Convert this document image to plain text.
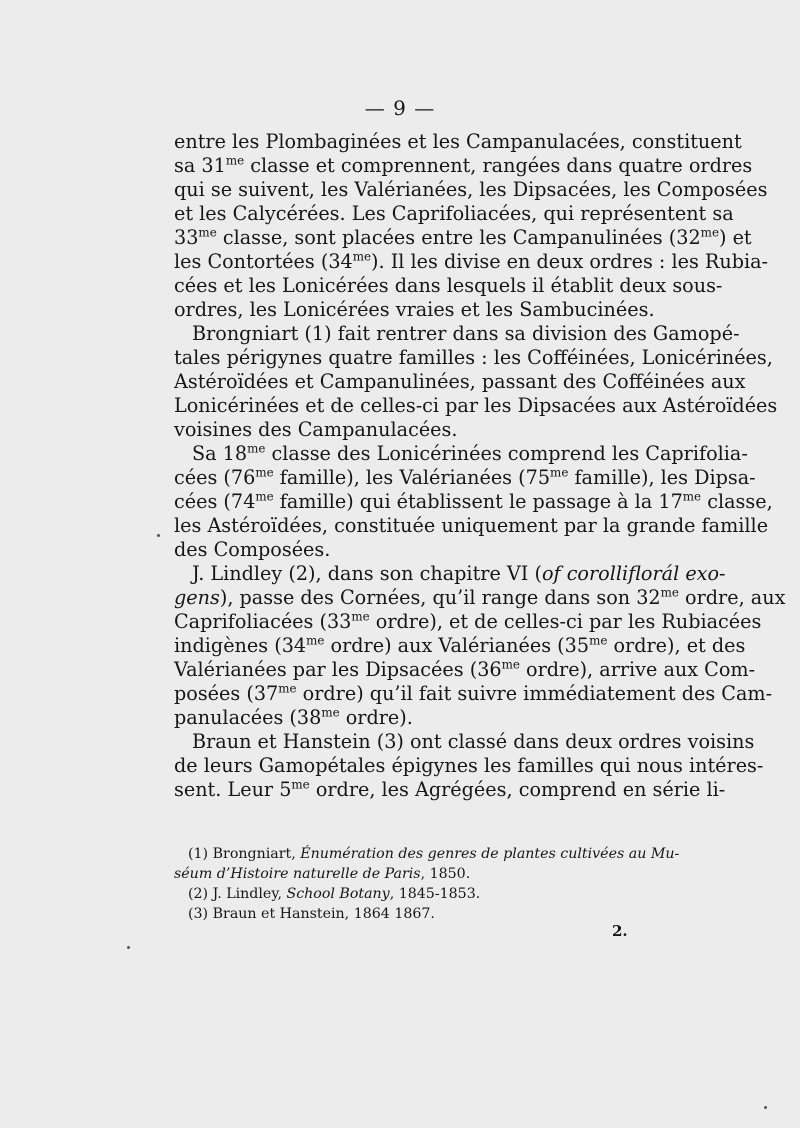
— 9 —
entre les Plombaginées et les Campanulacées, constituent
sa $31^{me}$ classe et comprennent, rangées dans quatre ordres
qui se suivent, les Valérianées, les Dipsacées, les Composées
et les Calycérées. Les Caprifoliacées, qui représentent sa
$33^{me}$ classe, sont placées entre les Campanulinées $(32^{me})$ et
les Contortées $(34^{me})$. Il les divise en deux ordres : les Rubia-
cées et les Lonicérées dans lesquels il établit deux sous-
ordres, les Lonicérées vraies et les Sambucinées.
Brongniart (1) fait rentrer dans sa division des Gamopé-
tales périgynes quatre familles : les Cofféinées, Lonicérinées,
Astéroïdées et Campanulinées, passant des Cofféinées aux
Lonicérinées et de celles-ci par les Dipsacées aux Astéroïdées
voisines des Campanulacées.
Sa $18^{me}$ classe des Lonicérinées comprend les Caprifolia-
cées ($76^{me}$ famille), les Valérianées ($75^{me}$ famille), les Dipsa-
cées ($74^{me}$ famille) qui établissent le passage à la $17^{me}$ classe,
les Astéroïdées, constituée uniquement par la grande famille
des Composées.
J. Lindley (2), dans son chapitre VI (of corolliflorál exo-
gens), passe des Cornées, qu’il range dans son $32^{me}$ ordre, aux
Caprifoliacées ($33^{me}$ ordre), et de celles-ci par les Rubiacées
indigènes ($34^{me}$ ordre) aux Valérianées ($35^{me}$ ordre), et des
Valérianées par les Dipsacées ($36^{me}$ ordre), arrive aux Com-
posées ($37^{me}$ ordre) qu’il fait suivre immédiatement des Cam-
panulacées ($38^{me}$ ordre).
Braun et Hanstein (3) ont classé dans deux ordres voisins
de leurs Gamopétales épigynes les familles qui nous intéres-
sent. Leur $5^{me}$ ordre, les Agrégées, comprend en série li-
(1) Brongniart, Énumération des genres de plantes cultivées au Mu-
séum d’Histoire naturelle de Paris, 1850.
(2) J. Lindley, School Botany, 1845-1853.
(3) Braun et Hanstein, 1864 1867.
2.
